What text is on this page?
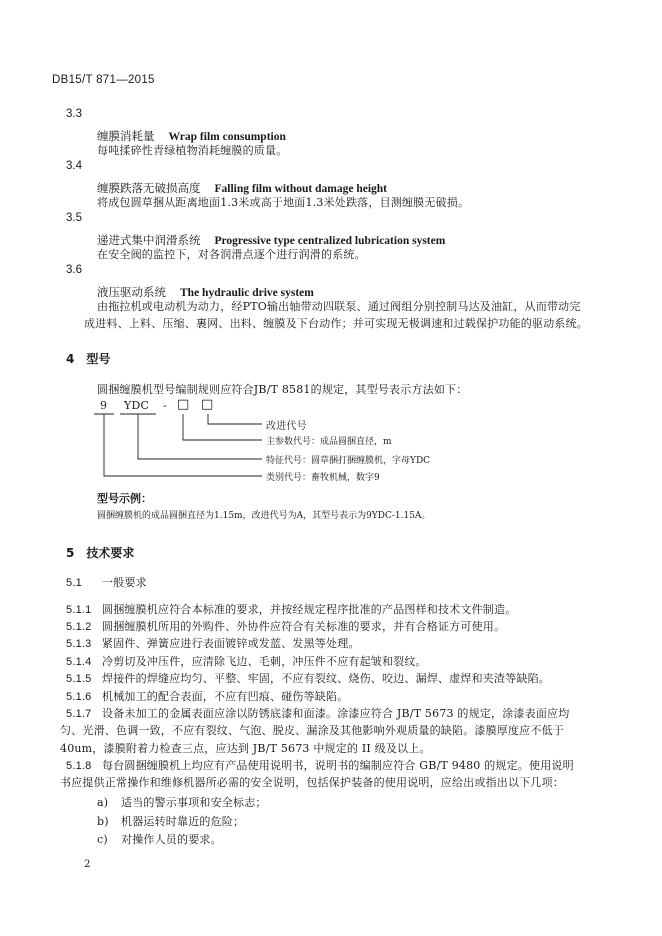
DB15/T 871—2015
3.3
缠膜消耗量 Wrap film consumption
每吨揉碎性青绿植物消耗缠膜的质量。
3.4
缠膜跌落无破损高度 Falling film without damage height
将成包圆草捆从距离地面1.3米或高于地面1.3米处跌落，目测缠膜无破损。
3.5
递进式集中润滑系统 Progressive type centralized lubrication system
在安全阀的监控下，对各润滑点逐个进行润滑的系统。
3.6
液压驱动系统 The hydraulic drive system
由拖拉机或电动机为动力，经PTO输出轴带动四联泵、通过阀组分别控制马达及油缸，从而带动完
成进料、上料、压缩、裹网、出料、缠膜及下台动作；并可实现无极调速和过载保护功能的驱动系统。
4　型号
圆捆缠膜机型号编制规则应符合JB/T 8581的规定，其型号表示方法如下：
9 YDC - □ □
改进代号
主参数代号：成品圆捆直径，m
特征代号：圆草捆打捆缠膜机，字母YDC
类别代号：畜牧机械，数字9
型号示例：
圆捆缠膜机的成品圆捆直径为1.15m，改进代号为A，其型号表示为9YDC-1.15A。
5　技术要求
5.1 一般要求
5.1.1 圆捆缠膜机应符合本标准的要求，并按经规定程序批准的产品图样和技术文件制造。
5.1.2 圆捆缠膜机所用的外购件、外协件应符合有关标准的要求，并有合格证方可使用。
5.1.3 紧固件、弹簧应进行表面镀锌或发蓝、发黑等处理。
5.1.4 冷剪切及冲压件，应清除飞边、毛刺，冲压件不应有起皱和裂纹。
5.1.5 焊接件的焊缝应均匀、平整、牢固，不应有裂纹、烧伤、咬边、漏焊、虚焊和夹渣等缺陷。
5.1.6 机械加工的配合表面，不应有凹痕、碰伤等缺陷。
5.1.7 设备未加工的金属表面应涂以防锈底漆和面漆。涂漆应符合 JB/T 5673 的规定，涂漆表面应均
匀、光滑、色调一致，不应有裂纹、气泡、脱皮、漏涂及其他影响外观质量的缺陷。漆膜厚度应不低于
40um，漆膜附着力检查三点，应达到 JB/T 5673 中规定的 II 级及以上。
5.1.8 每台圆捆缠膜机上均应有产品使用说明书，说明书的编制应符合 GB/T 9480 的规定。使用说明
书应提供正常操作和维修机器所必需的安全说明，包括保护装备的使用说明，应给出或指出以下几项：
a) 适当的警示事项和安全标志；
b) 机器运转时靠近的危险；
c) 对操作人员的要求。
2
